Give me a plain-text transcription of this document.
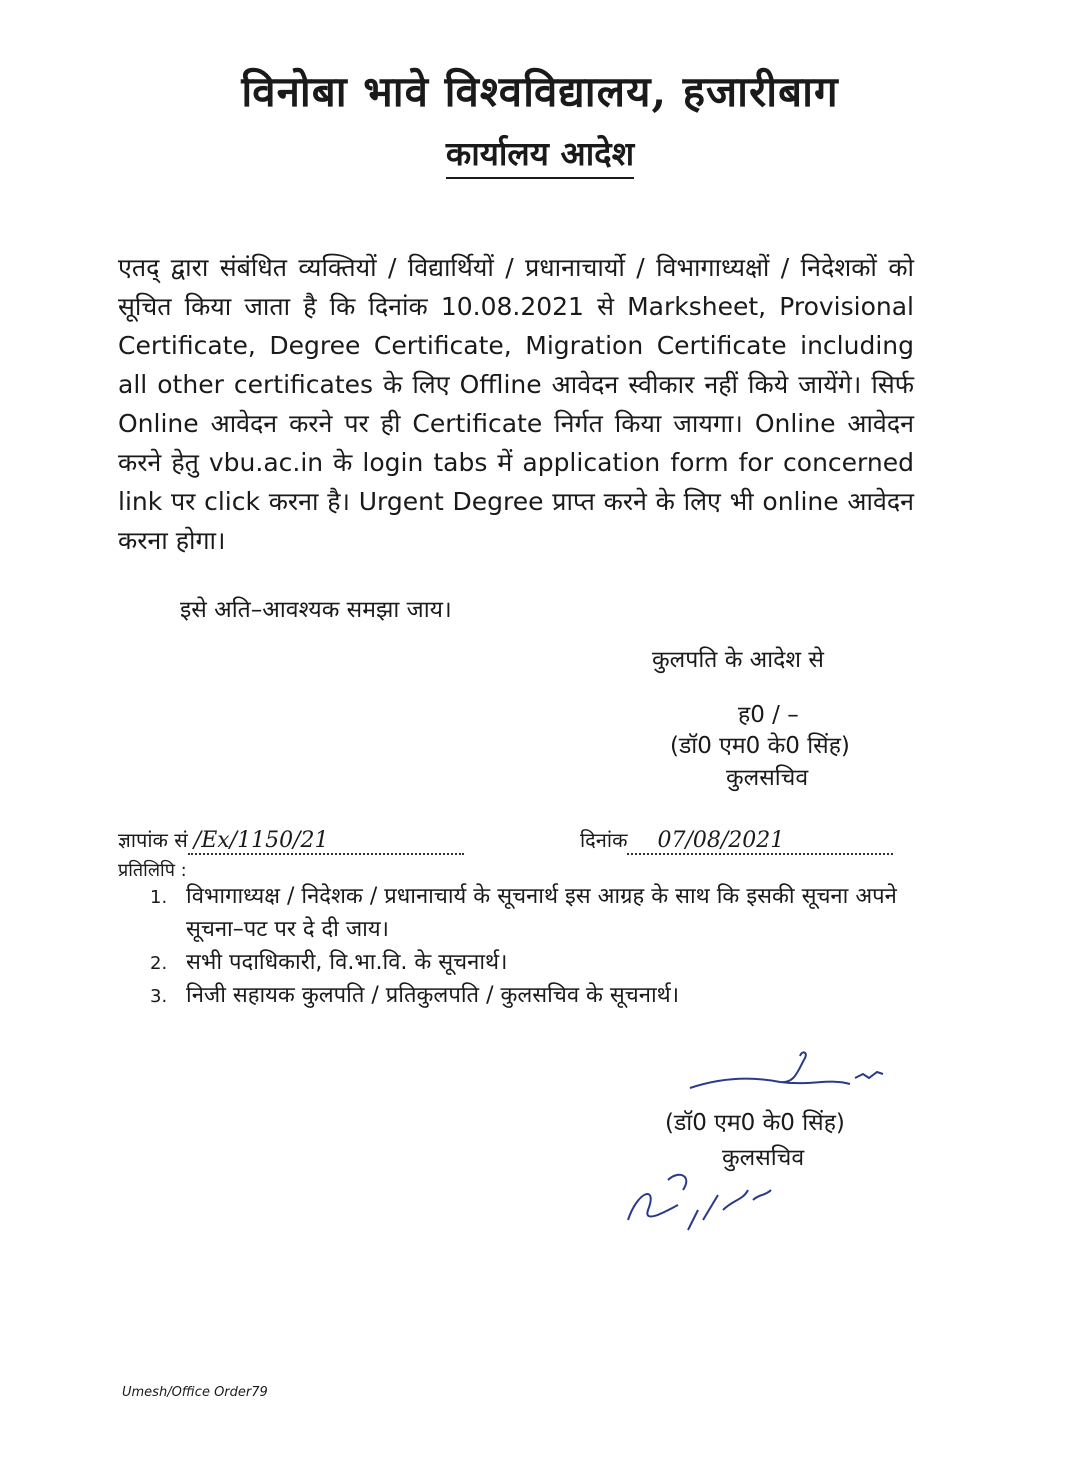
विनोबा भावे विश्वविद्यालय, हजारीबाग
कार्यालय आदेश
एतद् द्वारा संबंधित व्यक्तियों / विद्यार्थियों / प्रधानाचार्यो / विभागाध्यक्षों / निदेशकों को सूचित किया जाता है कि दिनांक 10.08.2021 से Marksheet, Provisional Certificate, Degree Certificate, Migration Certificate including all other certificates के लिए Offline आवेदन स्वीकार नहीं किये जायेंगे। सिर्फ Online आवेदन करने पर ही Certificate निर्गत किया जायगा। Online आवेदन करने हेतु vbu.ac.in के login tabs में application form for concerned link पर click करना है। Urgent Degree प्राप्त करने के लिए भी online आवेदन करना होगा।
इसे अति–आवश्यक समझा जाय।
कुलपति के आदेश से
ह0 / –
(डॉ0 एम0 के0 सिंह)
कुलसचिव
ज्ञापांक सं /Ex/1150/21	दिनांक 07/08/2021
प्रतिलिपि :
1. विभागाध्यक्ष / निदेशक / प्रधानाचार्य के सूचनार्थ इस आग्रह के साथ कि इसकी सूचना अपने सूचना–पट पर दे दी जाय।
2. सभी पदाधिकारी, वि.भा.वि. के सूचनार्थ।
3. निजी सहायक कुलपति / प्रतिकुलपति / कुलसचिव के सूचनार्थ।
(डॉ0 एम0 के0 सिंह)
कुलसचिव
Umesh/Office Order79
